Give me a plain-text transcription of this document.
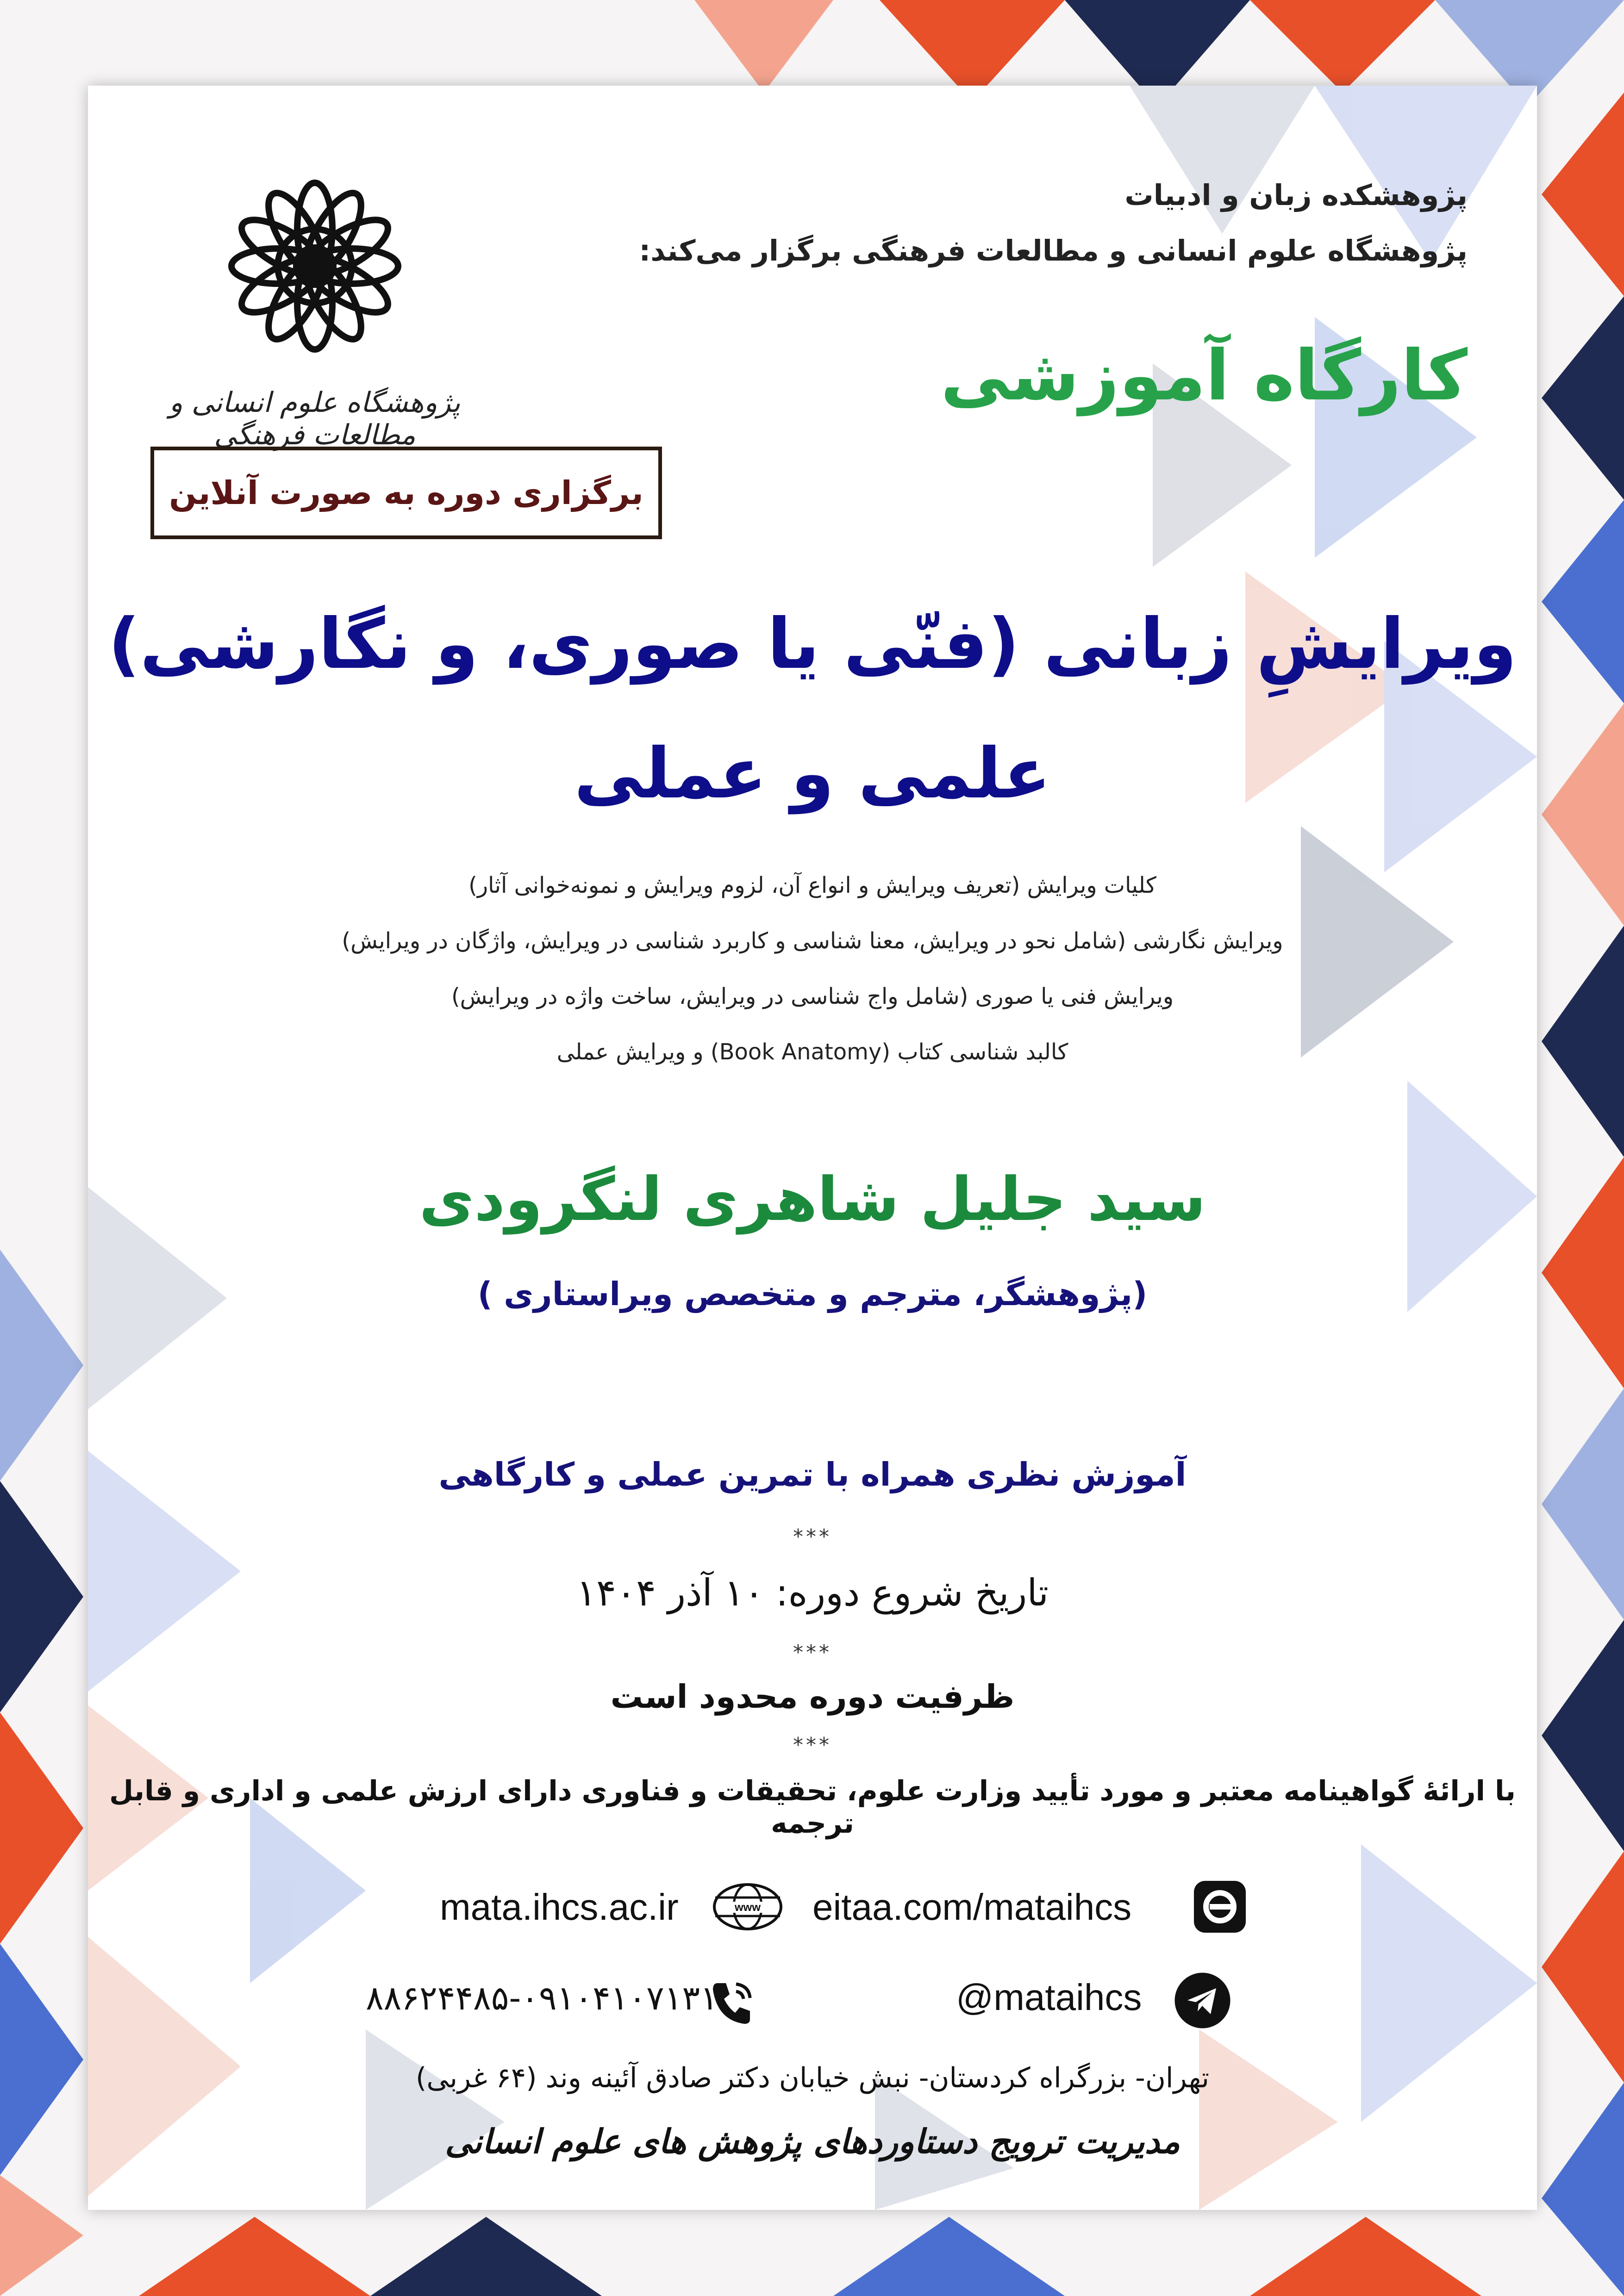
پژوهشکده زبان و ادبیات
پژوهشگاه علوم انسانی و مطالعات فرهنگی برگزار می‌کند:
کارگاه آموزشی
پژوهشگاه علوم انسانی و مطالعات فرهنگی
برگزاری دوره به صورت آنلاین
ویرایشِ زبانی (فنّی یا صوری، و نگارشی)
علمی و عملی
کلیات ویرایش (تعریف ویرایش و انواع آن، لزوم ویرایش و نمونه‌خوانی آثار)
ویرایش نگارشی (شامل نحو در ویرایش، معنا شناسی و کاربرد شناسی در ویرایش، واژگان در ویرایش)
ویرایش فنی یا صوری (شامل واج شناسی در ویرایش، ساخت واژه در ویرایش)
کالبد شناسی کتاب (Book Anatomy) و ویرایش عملی
سید جلیل شاهری لنگرودی
(پژوهشگر، مترجم و متخصص ویراستاری )
آموزش نظری همراه با تمرین عملی و کارگاهی
***
تاریخ شروع دوره: ۱۰ آذر ۱۴۰۴
***
ظرفیت دوره محدود است
***
با ارائهٔ گواهینامه معتبر و مورد تأیید وزارت علوم، تحقیقات و فناوری دارای ارزش علمی و اداری و قابل ترجمه
eitaa.com/mataihcs
www
mata.ihcs.ac.ir
@mataihcs
۸۸۶۲۴۴۸۵-۰۹۱۰۴۱۰۷۱۳۱
تهران- بزرگراه کردستان- نبش خیابان دکتر صادق آئینه وند (۶۴ غربی)
مدیریت ترویج دستاوردهای پژوهش های علوم انسانی
